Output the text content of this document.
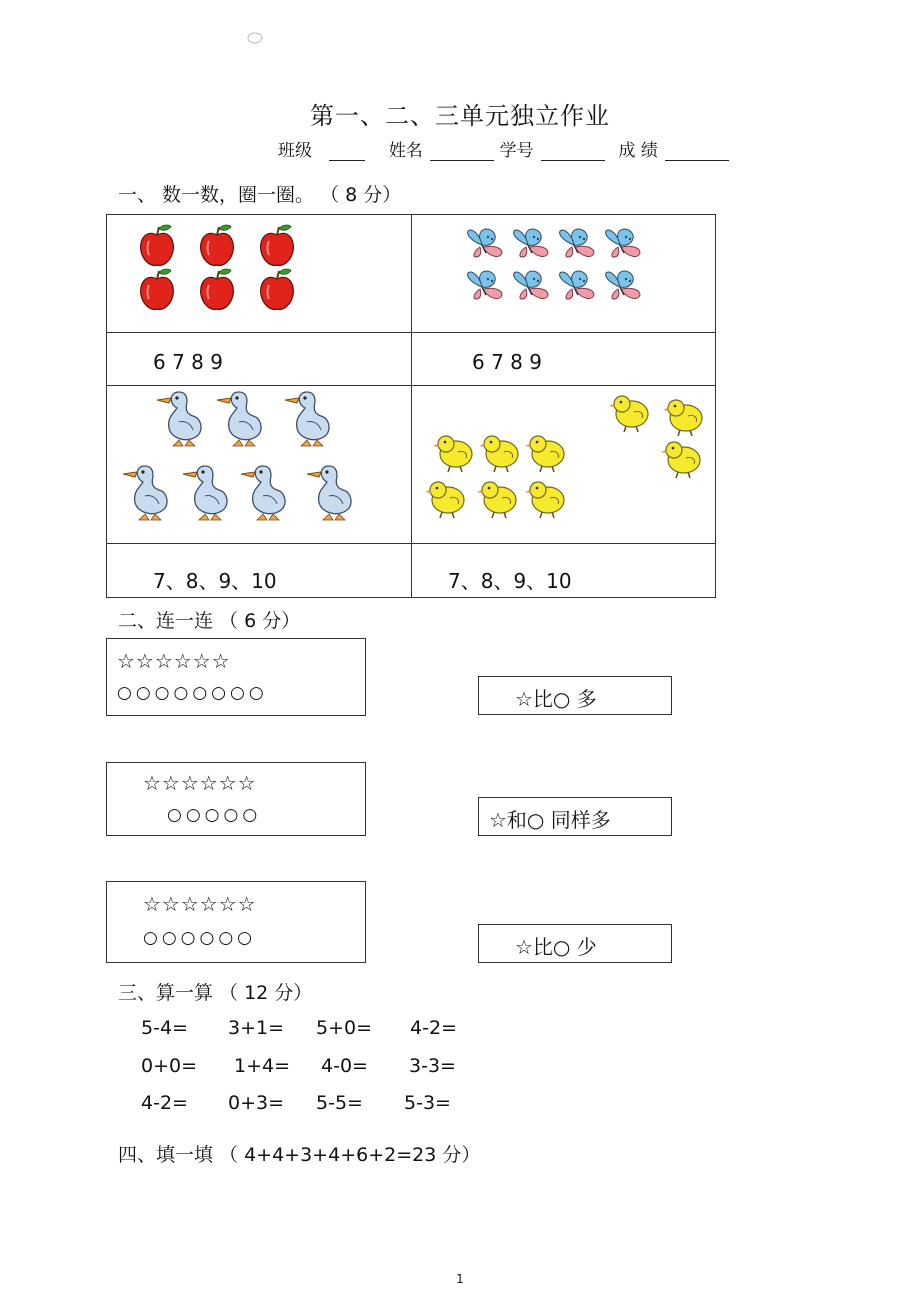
第一、二、三单元独立作业
班级	姓名	学号	成 绩
一、 数一数，圈一圈。 （ 8 分）

6 7 8 9	6 7 8 9

7、8、9、10	7、8、9、10
二、连一连 （ 6 分）
☆☆☆☆☆☆
○○○○○○○○
☆☆☆☆☆☆
○○○○○
☆☆☆☆☆☆
○○○○○○
☆比○ 多
☆和○ 同样多
☆比○ 少
三、算一算 （ 12 分）
5-4= 3+1= 5+0= 4-2=
0+0= 1+4= 4-0= 3-3=
4-2= 0+3= 5-5= 5-3=
四、填一填 （ 4+4+3+4+6+2=23 分）
1
